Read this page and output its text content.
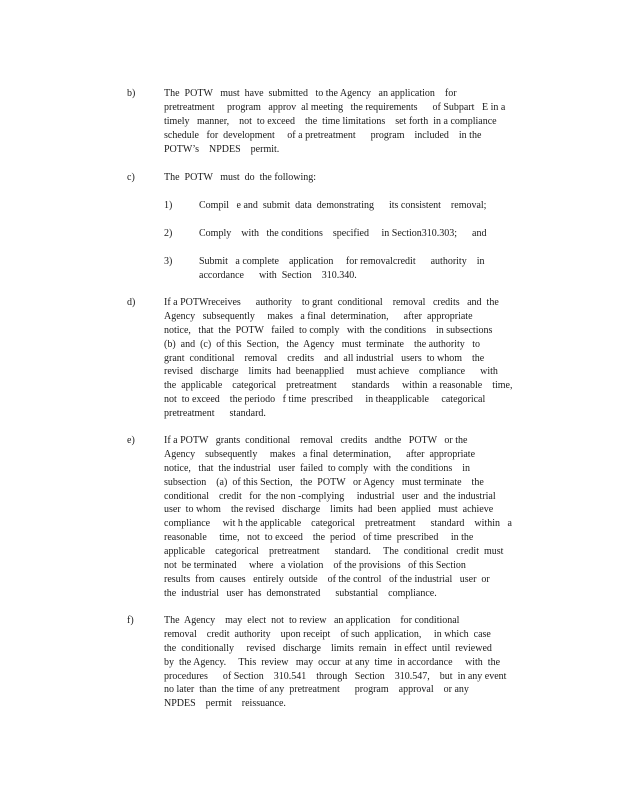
b)	The  POTW   must  have  submitted   to the Agency   an application    for
pretreatment     program   approv  al meeting   the requirements      of Subpart   E in a
timely   manner,    not  to exceed    the  time limitations    set forth  in a compliance
schedule   for  development     of a pretreatment      program    included    in the
POTW’s    NPDES    permit.
c)	The  POTW   must  do  the following:
1)	Compil   e and  submit  data  demonstrating      its consistent    removal;
2)	Comply    with   the conditions    specified     in Section310.303;      and
3)	Submit   a complete    application     for removalcredit      authority    in
accordance      with  Section    310.340.
d)	If a POTWreceives      authority    to grant  conditional    removal   credits   and  the
Agency   subsequently     makes   a final  determination,      after  appropriate
notice,   that  the  POTW   failed  to comply   with  the conditions    in subsections
(b)  and  (c)  of this  Section,   the  Agency   must  terminate    the authority   to
grant  conditional    removal    credits    and  all industrial   users  to whom    the
revised   discharge    limits  had  beenapplied     must achieve    compliance      with
the  applicable    categorical    pretreatment      standards     within  a reasonable    time,
not  to exceed    the periodo   f time  prescribed     in theapplicable     categorical
pretreatment      standard.
e)	If a POTW   grants  conditional    removal   credits   andthe   POTW   or the
Agency    subsequently     makes   a final  determination,      after  appropriate
notice,   that  the industrial   user  failed  to comply  with  the conditions    in
subsection    (a)  of this Section,   the  POTW   or Agency   must terminate    the
conditional    credit   for  the non -complying     industrial   user  and  the industrial
user  to whom    the revised   discharge    limits  had  been  applied   must  achieve
compliance     wit h the applicable    categorical    pretreatment      standard    within   a
reasonable     time,   not  to exceed    the  period   of time  prescribed     in the
applicable    categorical    pretreatment      standard.     The  conditional   credit  must
not  be terminated     where   a violation    of the provisions   of this Section
results  from  causes   entirely  outside    of the control   of the industrial   user  or
the  industrial   user  has  demonstrated      substantial    compliance.
f)	The  Agency    may  elect  not  to review   an application    for conditional
removal    credit  authority    upon receipt    of such  application,     in which  case
the  conditionally     revised   discharge    limits  remain   in effect  until  reviewed
by  the Agency.     This  review   may  occur  at any  time  in accordance     with  the
procedures      of Section    310.541    through   Section    310.547,    but  in any event
no later  than  the time  of any  pretreatment      program    approval    or any
NPDES    permit    reissuance.
